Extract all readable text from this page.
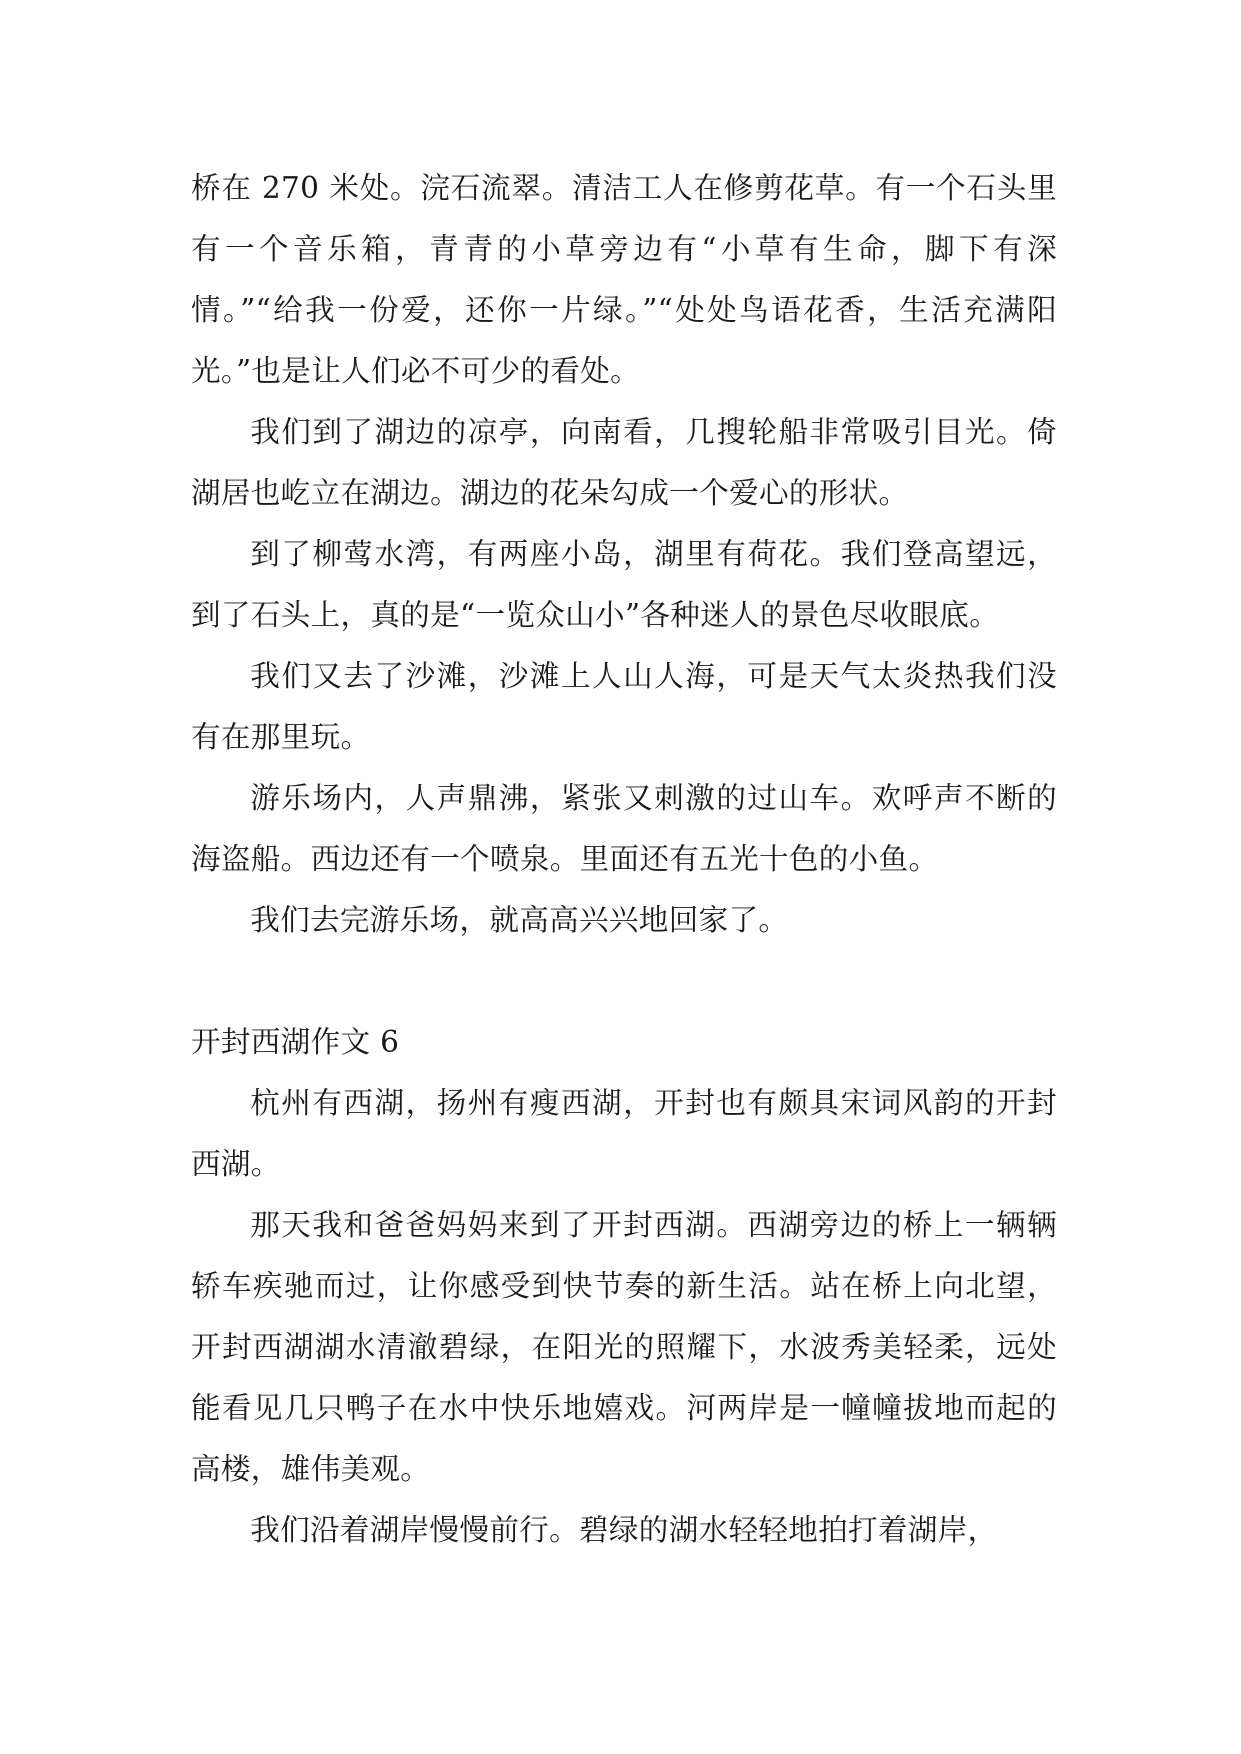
桥在 270 米处。浣石流翠。清洁工人在修剪花草。有一个石头里有一个音乐箱，青青的小草旁边有“小草有生命，脚下有深情。”“给我一份爱，还你一片绿。”“处处鸟语花香，生活充满阳光。”也是让人们必不可少的看处。

我们到了湖边的凉亭，向南看，几搜轮船非常吸引目光。倚湖居也屹立在湖边。湖边的花朵勾成一个爱心的形状。

到了柳莺水湾，有两座小岛，湖里有荷花。我们登高望远，到了石头上，真的是“一览众山小”各种迷人的景色尽收眼底。

我们又去了沙滩，沙滩上人山人海，可是天气太炎热我们没有在那里玩。

游乐场内，人声鼎沸，紧张又刺激的过山车。欢呼声不断的海盗船。西边还有一个喷泉。里面还有五光十色的小鱼。

我们去完游乐场，就高高兴兴地回家了。

开封西湖作文 6

杭州有西湖，扬州有瘦西湖，开封也有颇具宋词风韵的开封西湖。

那天我和爸爸妈妈来到了开封西湖。西湖旁边的桥上一辆辆轿车疾驰而过，让你感受到快节奏的新生活。站在桥上向北望，开封西湖湖水清澈碧绿，在阳光的照耀下，水波秀美轻柔，远处能看见几只鸭子在水中快乐地嬉戏。河两岸是一幢幢拔地而起的高楼，雄伟美观。

我们沿着湖岸慢慢前行。碧绿的湖水轻轻地拍打着湖岸，
